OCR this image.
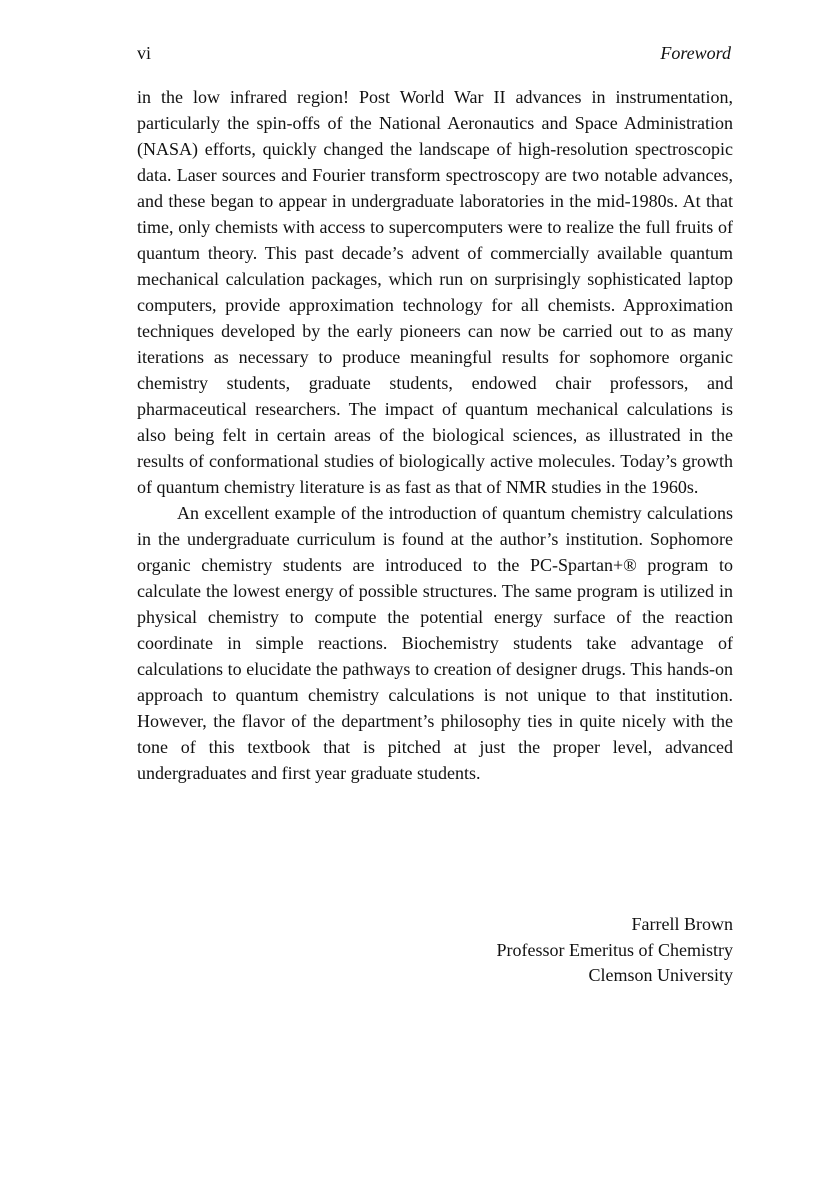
vi	Foreword

in the low infrared region! Post World War II advances in instrumentation, particularly the spin-offs of the National Aeronautics and Space Administration (NASA) efforts, quickly changed the landscape of high-resolution spectroscopic data. Laser sources and Fourier transform spectroscopy are two notable advances, and these began to appear in undergraduate laboratories in the mid-1980s. At that time, only chemists with access to supercomputers were to realize the full fruits of quantum theory. This past decade’s advent of commercially available quantum mechanical calculation packages, which run on surprisingly sophisticated laptop computers, provide approximation technology for all chemists. Approximation techniques developed by the early pioneers can now be carried out to as many iterations as necessary to produce meaningful results for sophomore organic chemistry students, graduate students, endowed chair professors, and pharmaceutical researchers. The impact of quantum mechanical calculations is also being felt in certain areas of the biological sciences, as illustrated in the results of conformational studies of biologically active molecules. Today’s growth of quantum chemistry literature is as fast as that of NMR studies in the 1960s.

An excellent example of the introduction of quantum chemistry calculations in the undergraduate curriculum is found at the author’s institution. Sophomore organic chemistry students are introduced to the PC-Spartan+® program to calculate the lowest energy of possible structures. The same program is utilized in physical chemistry to compute the potential energy surface of the reaction coordinate in simple reactions. Biochemistry students take advantage of calculations to elucidate the pathways to creation of designer drugs. This hands-on approach to quantum chemistry calculations is not unique to that institution. However, the flavor of the department’s philosophy ties in quite nicely with the tone of this textbook that is pitched at just the proper level, advanced undergraduates and first year graduate students.

Farrell Brown
Professor Emeritus of Chemistry
Clemson University
